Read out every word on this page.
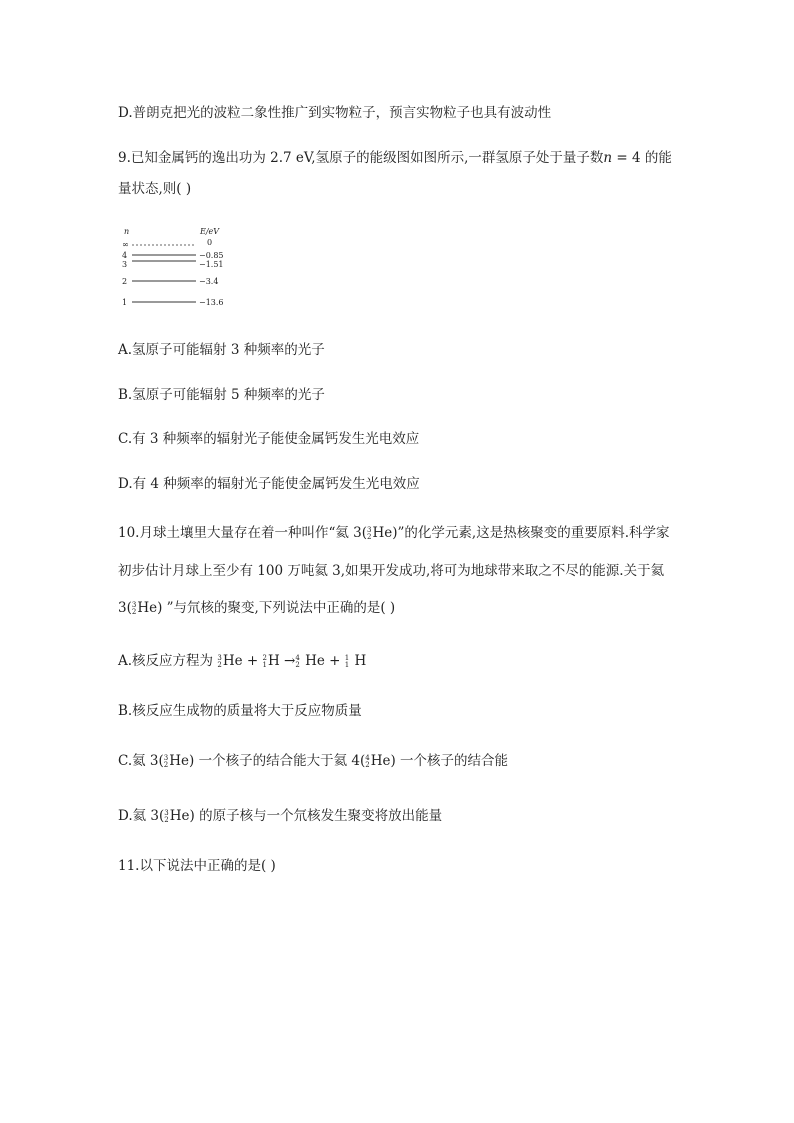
D.普朗克把光的波粒二象性推广到实物粒子，预言实物粒子也具有波动性
9.已知金属钙的逸出功为 2.7 eV,氢原子的能级图如图所示,一群氢原子处于量子数n = 4 的能
量状态,则( )
n	E/eV
∞	0
4	−0.85
3	−1.51
2	−3.4
1	−13.6
A.氢原子可能辐射 3 种频率的光子
B.氢原子可能辐射 5 种频率的光子
C.有 3 种频率的辐射光子能使金属钙发生光电效应
D.有 4 种频率的辐射光子能使金属钙发生光电效应
10.月球土壤里大量存在着一种叫作“氦 3( 3
2 He)”的化学元素,这是热核聚变的重要原料.科学家
初步估计月球上至少有 100 万吨氦 3,如果开发成功,将可为地球带来取之不尽的能源.关于氦
3( 3
2 He) ”与氘核的聚变,下列说法中正确的是( )
A.核反应方程为 3
2 He + 2
1 H → 4
2 He + 1
1 H
B.核反应生成物的质量将大于反应物质量
C.氦 3( 3
2 He) 一个核子的结合能大于氦 4( 4
2 He) 一个核子的结合能
D.氦 3( 3
2 He) 的原子核与一个氘核发生聚变将放出能量
11.以下说法中正确的是( )
